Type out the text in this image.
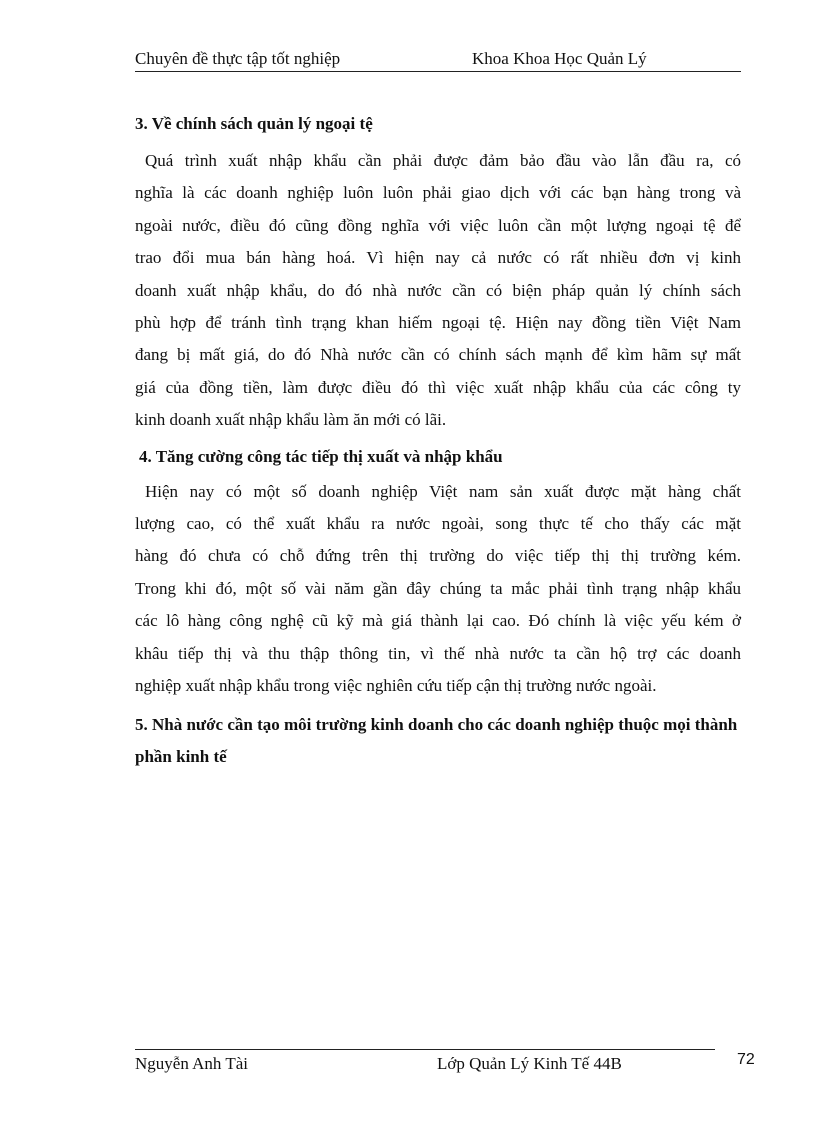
Chuyên đề thực tập tốt nghiệp	Khoa Khoa Học Quản Lý
3. Về chính sách quản lý ngoại tệ
Quá trình xuất nhập khẩu cần phải được đảm bảo đầu vào lẫn đầu ra, có
nghĩa là các doanh nghiệp luôn luôn phải giao dịch với các bạn hàng trong và
ngoài nước, điều đó cũng đồng nghĩa với việc luôn cần một lượng ngoại tệ để
trao đổi mua bán hàng hoá. Vì hiện nay cả nước có rất nhiều đơn vị kinh
doanh xuất nhập khẩu, do đó nhà nước cần có biện pháp quản lý chính sách
phù hợp để tránh tình trạng khan hiếm ngoại tệ. Hiện nay đồng tiền Việt Nam
đang bị mất giá, do đó Nhà nước cần có chính sách mạnh để kìm hãm sự mất
giá của đồng tiền, làm được điều đó thì việc xuất nhập khẩu của các công ty
kinh doanh xuất nhập khẩu làm ăn mới có lãi.
4. Tăng cường công tác tiếp thị xuất và nhập khẩu
Hiện nay có một số doanh nghiệp Việt nam sản xuất được mặt hàng chất
lượng cao, có thể xuất khẩu ra nước ngoài, song thực tế cho thấy các mặt
hàng đó chưa có chỗ đứng trên thị trường do việc tiếp thị thị trường kém.
Trong khi đó, một số vài năm gần đây chúng ta mắc phải tình trạng nhập khẩu
các lô hàng công nghệ cũ kỹ mà giá thành lại cao. Đó chính là việc yếu kém ở
khâu tiếp thị và thu thập thông tin, vì thế nhà nước ta cần hộ trợ các doanh
nghiệp xuất nhập khẩu trong việc nghiên cứu tiếp cận thị trường nước ngoài.
5. Nhà nước cần tạo môi trường kinh doanh cho các doanh nghiệp thuộc mọi thành phần kinh tế
Nguyễn Anh Tài	Lớp Quản Lý Kinh Tế 44B	72
